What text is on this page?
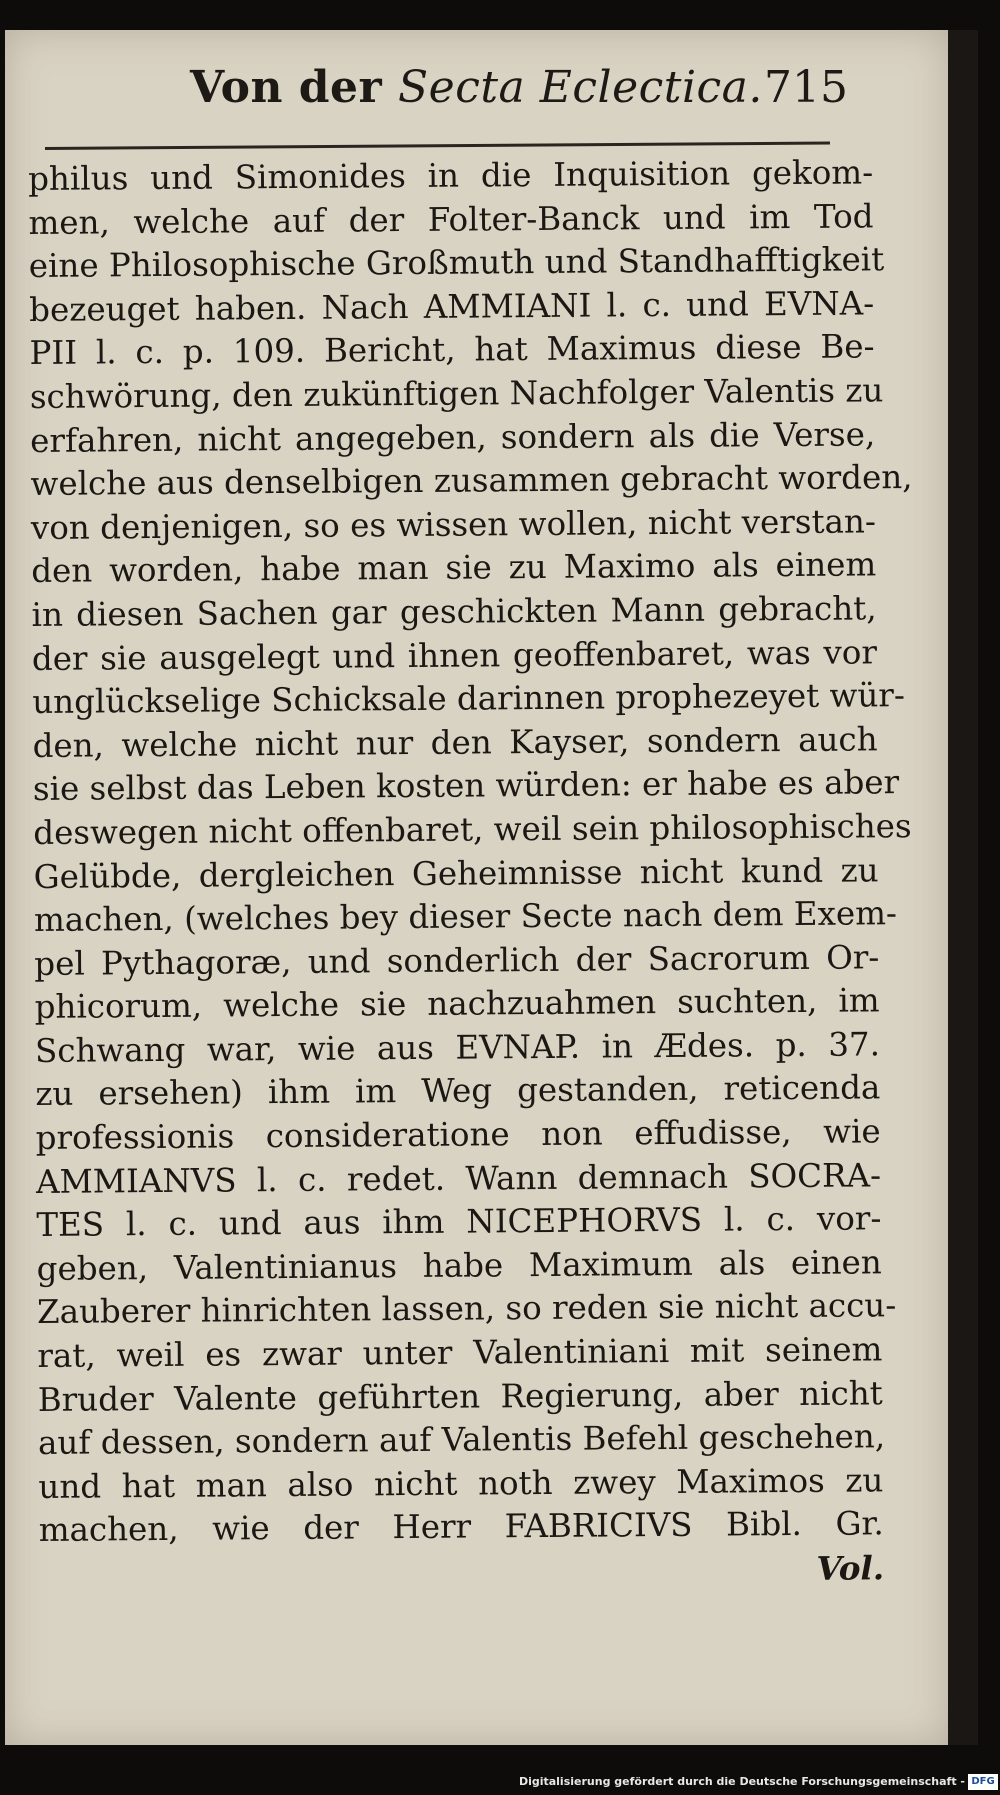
Von der Secta Eclectica. 715
philus und Simonides in die Inquisition gekom-
men, welche auf der Folter-Banck und im Tod
eine Philosophische Großmuth und Standhafftigkeit
bezeuget haben. Nach AMMIANI l. c. und EVNA-
PII l. c. p. 109. Bericht, hat Maximus diese Be-
schwörung, den zukünftigen Nachfolger Valentis zu
erfahren, nicht angegeben, sondern als die Verse,
welche aus denselbigen zusammen gebracht worden,
von denjenigen, so es wissen wollen, nicht verstan-
den worden, habe man sie zu Maximo als einem
in diesen Sachen gar geschickten Mann gebracht,
der sie ausgelegt und ihnen geoffenbaret, was vor
unglückselige Schicksale darinnen prophezeyet wür-
den, welche nicht nur den Kayser, sondern auch
sie selbst das Leben kosten würden: er habe es aber
deswegen nicht offenbaret, weil sein philosophisches
Gelübde, dergleichen Geheimnisse nicht kund zu
machen, (welches bey dieser Secte nach dem Exem-
pel Pythagoræ, und sonderlich der Sacrorum Or-
phicorum, welche sie nachzuahmen suchten, im
Schwang war, wie aus EVNAP. in Ædes. p. 37.
zu ersehen) ihm im Weg gestanden, reticenda
professionis consideratione non effudisse, wie
AMMIANVS l. c. redet. Wann demnach SOCRA-
TES l. c. und aus ihm NICEPHORVS l. c. vor-
geben, Valentinianus habe Maximum als einen
Zauberer hinrichten lassen, so reden sie nicht accu-
rat, weil es zwar unter Valentiniani mit seinem
Bruder Valente geführten Regierung, aber nicht
auf dessen, sondern auf Valentis Befehl geschehen,
und hat man also nicht noth zwey Maximos zu
machen, wie der Herr FABRICIVS Bibl. Gr.
Vol.
Digitalisierung gefördert durch die Deutsche Forschungsgemeinschaft - DFG
